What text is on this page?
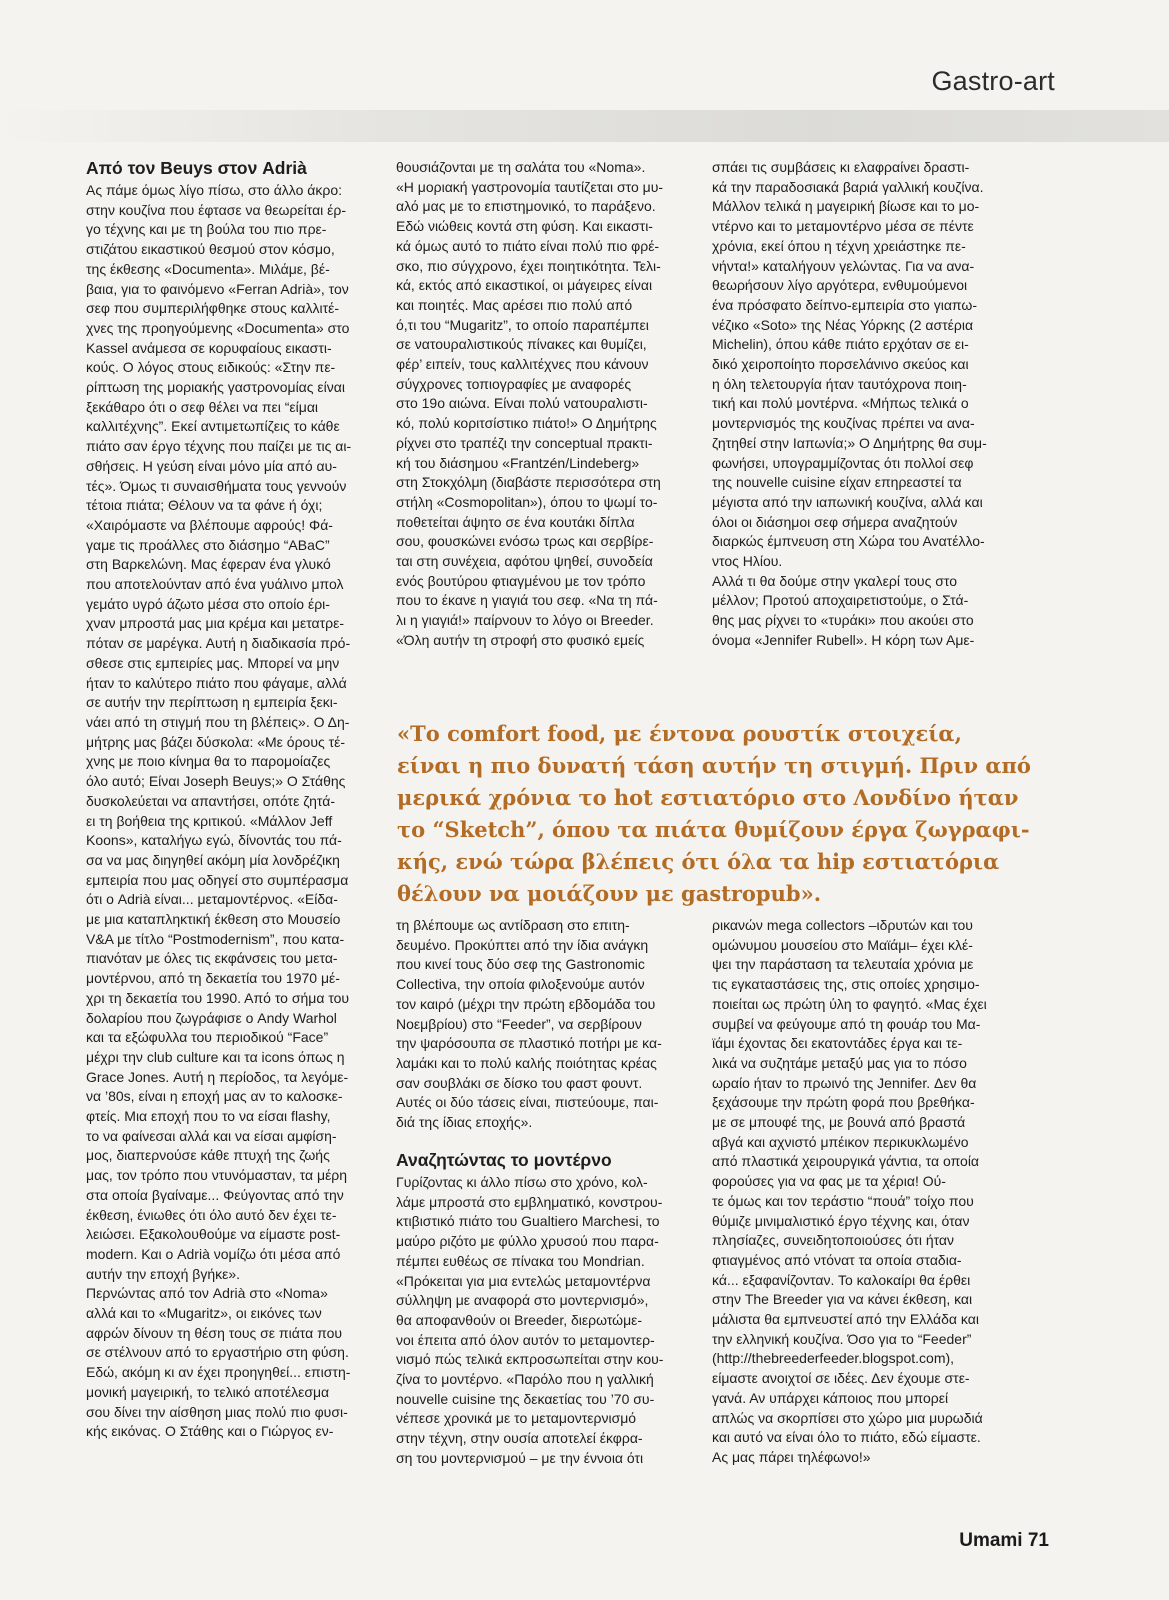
Gastro-art
Από τον Beuys στον Adrià
Ας πάμε όμως λίγο πίσω, στο άλλο άκρο:
στην κουζίνα που έφτασε να θεωρείται έρ-
γο τέχνης και με τη βούλα του πιο πρε-
στιζάτου εικαστικού θεσμού στον κόσμο,
της έκθεσης «Documenta». Μιλάμε, βέ-
βαια, για το φαινόμενο «Ferran Adrià», τον
σεφ που συμπεριλήφθηκε στους καλλιτέ-
χνες της προηγούμενης «Documenta» στο
Kassel ανάμεσα σε κορυφαίους εικαστι-
κούς. Ο λόγος στους ειδικούς: «Στην πε-
ρίπτωση της μοριακής γαστρονομίας είναι
ξεκάθαρο ότι ο σεφ θέλει να πει “είμαι
καλλιτέχνης”. Εκεί αντιμετωπίζεις το κάθε
πιάτο σαν έργο τέχνης που παίζει με τις αι-
σθήσεις. Η γεύση είναι μόνο μία από αυ-
τές». Όμως τι συναισθήματα τους γεννούν
τέτοια πιάτα; Θέλουν να τα φάνε ή όχι;
«Χαιρόμαστε να βλέπουμε αφρούς! Φά-
γαμε τις προάλλες στο διάσημο “ABaC”
στη Βαρκελώνη. Μας έφεραν ένα γλυκό
που αποτελούνταν από ένα γυάλινο μπολ
γεμάτο υγρό άζωτο μέσα στο οποίο έρι-
χναν μπροστά μας μια κρέμα και μετατρε-
πόταν σε μαρέγκα. Αυτή η διαδικασία πρό-
σθεσε στις εμπειρίες μας. Μπορεί να μην
ήταν το καλύτερο πιάτο που φάγαμε, αλλά
σε αυτήν την περίπτωση η εμπειρία ξεκι-
νάει από τη στιγμή που τη βλέπεις». Ο Δη-
μήτρης μας βάζει δύσκολα: «Με όρους τέ-
χνης με ποιο κίνημα θα το παρομοίαζες
όλο αυτό; Είναι Joseph Beuys;» Ο Στάθης
δυσκολεύεται να απαντήσει, οπότε ζητά-
ει τη βοήθεια της κριτικού. «Μάλλον Jeff
Koons», καταλήγω εγώ, δίνοντάς του πά-
σα να μας διηγηθεί ακόμη μία λονδρέζικη
εμπειρία που μας οδηγεί στο συμπέρασμα
ότι ο Adrià είναι... μεταμοντέρνος. «Είδα-
με μια καταπληκτική έκθεση στο Μουσείο
V&A με τίτλο “Postmodernism”, που κατα-
πιανόταν με όλες τις εκφάνσεις του μετα-
μοντέρνου, από τη δεκαετία του 1970 μέ-
χρι τη δεκαετία του 1990. Από το σήμα του
δολαρίου που ζωγράφισε ο Andy Warhol
και τα εξώφυλλα του περιοδικού “Face”
μέχρι την club culture και τα icons όπως η
Grace Jones. Αυτή η περίοδος, τα λεγόμε-
να ’80s, είναι η εποχή μας αν το καλοσκε-
φτείς. Μια εποχή που το να είσαι flashy,
το να φαίνεσαι αλλά και να είσαι αμφίση-
μος, διαπερνούσε κάθε πτυχή της ζωής
μας, τον τρόπο που ντυνόμασταν, τα μέρη
στα οποία βγαίναμε... Φεύγοντας από την
έκθεση, ένιωθες ότι όλο αυτό δεν έχει τε-
λειώσει. Εξακολουθούμε να είμαστε post-
modern. Και ο Adrià νομίζω ότι μέσα από
αυτήν την εποχή βγήκε».
Περνώντας από τον Adrià στο «Noma»
αλλά και το «Mugaritz», οι εικόνες των
αφρών δίνουν τη θέση τους σε πιάτα που
σε στέλνουν από το εργαστήριο στη φύση.
Εδώ, ακόμη κι αν έχει προηγηθεί... επιστη-
μονική μαγειρική, το τελικό αποτέλεσμα
σου δίνει την αίσθηση μιας πολύ πιο φυσι-
κής εικόνας. Ο Στάθης και ο Γιώργος εν-
θουσιάζονται με τη σαλάτα του «Noma».
«Η μοριακή γαστρονομία ταυτίζεται στο μυ-
αλό μας με το επιστημονικό, το παράξενο.
Εδώ νιώθεις κοντά στη φύση. Και εικαστι-
κά όμως αυτό το πιάτο είναι πολύ πιο φρέ-
σκο, πιο σύγχρονο, έχει ποιητικότητα. Τελι-
κά, εκτός από εικαστικοί, οι μάγειρες είναι
και ποιητές. Μας αρέσει πιο πολύ από
ό,τι του “Mugaritz”, το οποίο παραπέμπει
σε νατουραλιστικούς πίνακες και θυμίζει,
φέρ’ ειπείν, τους καλλιτέχνες που κάνουν
σύγχρονες τοπιογραφίες με αναφορές
στο 19ο αιώνα. Είναι πολύ νατουραλιστι-
κό, πολύ κοριτσίστικο πιάτο!» Ο Δημήτρης
ρίχνει στο τραπέζι την conceptual πρακτι-
κή του διάσημου «Frantzén/Lindeberg»
στη Στοκχόλμη (διαβάστε περισσότερα στη
στήλη «Cosmopolitan»), όπου το ψωμί το-
ποθετείται άψητο σε ένα κουτάκι δίπλα
σου, φουσκώνει ενόσω τρως και σερβίρε-
ται στη συνέχεια, αφότου ψηθεί, συνοδεία
ενός βουτύρου φτιαγμένου με τον τρόπο
που το έκανε η γιαγιά του σεφ. «Να τη πά-
λι η γιαγιά!» παίρνουν το λόγο οι Breeder.
«Όλη αυτήν τη στροφή στο φυσικό εμείς
σπάει τις συμβάσεις κι ελαφραίνει δραστι-
κά την παραδοσιακά βαριά γαλλική κουζίνα.
Μάλλον τελικά η μαγειρική βίωσε και το μο-
ντέρνο και το μεταμοντέρνο μέσα σε πέντε
χρόνια, εκεί όπου η τέχνη χρειάστηκε πε-
νήντα!» καταλήγουν γελώντας. Για να ανα-
θεωρήσουν λίγο αργότερα, ενθυμούμενοι
ένα πρόσφατο δείπνο-εμπειρία στο γιαπω-
νέζικο «Soto» της Νέας Υόρκης (2 αστέρια
Michelin), όπου κάθε πιάτο ερχόταν σε ει-
δικό χειροποίητο πορσελάνινο σκεύος και
η όλη τελετουργία ήταν ταυτόχρονα ποιη-
τική και πολύ μοντέρνα. «Μήπως τελικά ο
μοντερνισμός της κουζίνας πρέπει να ανα-
ζητηθεί στην Ιαπωνία;» Ο Δημήτρης θα συμ-
φωνήσει, υπογραμμίζοντας ότι πολλοί σεφ
της nouvelle cuisine είχαν επηρεαστεί τα
μέγιστα από την ιαπωνική κουζίνα, αλλά και
όλοι οι διάσημοι σεφ σήμερα αναζητούν
διαρκώς έμπνευση στη Χώρα του Ανατέλλο-
ντος Ηλίου.
Αλλά τι θα δούμε στην γκαλερί τους στο
μέλλον; Προτού αποχαιρετιστούμε, ο Στά-
θης μας ρίχνει το «τυράκι» που ακούει στο
όνομα «Jennifer Rubell». Η κόρη των Αμε-
«Το comfort food, με έντονα ρουστίκ στοιχεία,
είναι η πιο δυνατή τάση αυτήν τη στιγμή. Πριν από
μερικά χρόνια το hot εστιατόριο στο Λονδίνο ήταν
το “Sketch”, όπου τα πιάτα θυμίζουν έργα ζωγραφι-
κής, ενώ τώρα βλέπεις ότι όλα τα hip εστιατόρια
θέλουν να μοιάζουν με gastropub».
τη βλέπουμε ως αντίδραση στο επιτη-
δευμένο. Προκύπτει από την ίδια ανάγκη
που κινεί τους δύο σεφ της Gastronomic
Collectiva, την οποία φιλοξενούμε αυτόν
τον καιρό (μέχρι την πρώτη εβδομάδα του
Νοεμβρίου) στο “Feeder”, να σερβίρουν
την ψαρόσουπα σε πλαστικό ποτήρι με κα-
λαμάκι και το πολύ καλής ποιότητας κρέας
σαν σουβλάκι σε δίσκο του φαστ φουντ.
Αυτές οι δύο τάσεις είναι, πιστεύουμε, παι-
διά της ίδιας εποχής».
Αναζητώντας το μοντέρνο
Γυρίζοντας κι άλλο πίσω στο χρόνο, κολ-
λάμε μπροστά στο εμβληματικό, κονστρου-
κτιβιστικό πιάτο του Gualtiero Marchesi, το
μαύρο ριζότο με φύλλο χρυσού που παρα-
πέμπει ευθέως σε πίνακα του Mondrian.
«Πρόκειται για μια εντελώς μεταμοντέρνα
σύλληψη με αναφορά στο μοντερνισμό»,
θα αποφανθούν οι Breeder, διερωτώμε-
νοι έπειτα από όλον αυτόν το μεταμοντερ-
νισμό πώς τελικά εκπροσωπείται στην κου-
ζίνα το μοντέρνο. «Παρόλο που η γαλλική
nouvelle cuisine της δεκαετίας του ’70 συ-
νέπεσε χρονικά με το μεταμοντερνισμό
στην τέχνη, στην ουσία αποτελεί έκφρα-
ση του μοντερνισμού – με την έννοια ότι
ρικανών mega collectors –ιδρυτών και του
ομώνυμου μουσείου στο Μαϊάμι– έχει κλέ-
ψει την παράσταση τα τελευταία χρόνια με
τις εγκαταστάσεις της, στις οποίες χρησιμο-
ποιείται ως πρώτη ύλη το φαγητό. «Μας έχει
συμβεί να φεύγουμε από τη φουάρ του Μα-
ϊάμι έχοντας δει εκατοντάδες έργα και τε-
λικά να συζητάμε μεταξύ μας για το πόσο
ωραίο ήταν το πρωινό της Jennifer. Δεν θα
ξεχάσουμε την πρώτη φορά που βρεθήκα-
με σε μπουφέ της, με βουνά από βραστά
αβγά και αχνιστό μπέικον περικυκλωμένο
από πλαστικά χειρουργικά γάντια, τα οποία
φορούσες για να φας με τα χέρια! Ού-
τε όμως και τον τεράστιο “πουά” τοίχο που
θύμιζε μινιμαλιστικό έργο τέχνης και, όταν
πλησίαζες, συνειδητοποιούσες ότι ήταν
φτιαγμένος από ντόνατ τα οποία σταδια-
κά... εξαφανίζονταν. Το καλοκαίρι θα έρθει
στην The Breeder για να κάνει έκθεση, και
μάλιστα θα εμπνευστεί από την Ελλάδα και
την ελληνική κουζίνα. Όσο για το “Feeder”
(http://thebreederfeeder.blogspot.com),
είμαστε ανοιχτοί σε ιδέες. Δεν έχουμε στε-
γανά. Αν υπάρχει κάποιος που μπορεί
απλώς να σκορπίσει στο χώρο μια μυρωδιά
και αυτό να είναι όλο το πιάτο, εδώ είμαστε.
Ας μας πάρει τηλέφωνο!»
Umami 71
